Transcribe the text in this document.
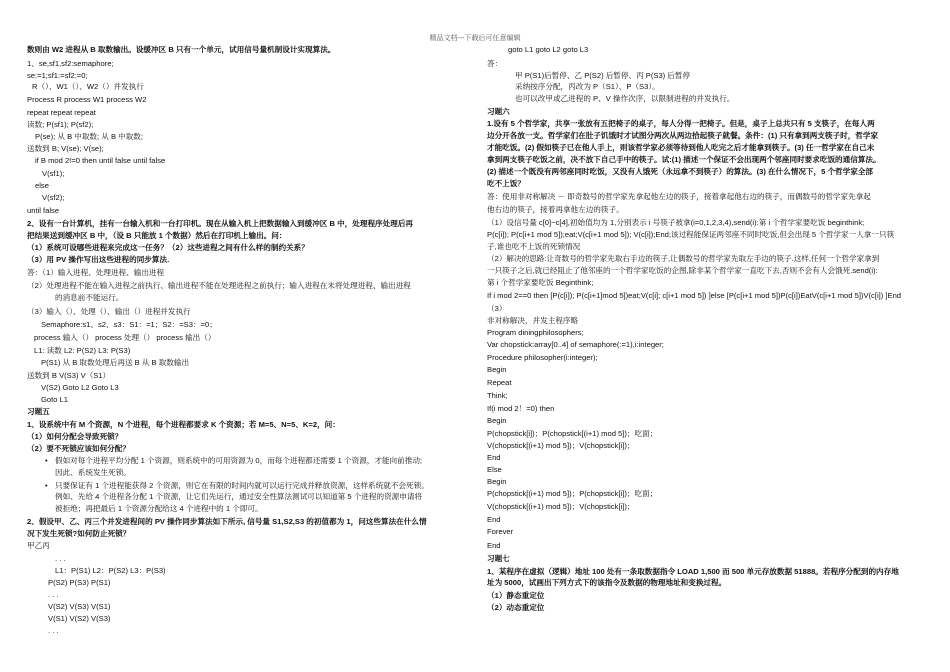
精品文档---下载后可任意编辑
数则由 W2 进程从 B 取数输出。设缓冲区 B 只有一个单元，试用信号量机制设计实现算法。
1、se,sf1,sf2:semaphore;
se:=1;sf1:=sf2:=0;
R（）、W1（）、W2（）并发执行
Process R process W1 process W2
repeat repeat repeat
读数; P(sf1); P(sf2);
P(se); 从 B 中取数; 从 B 中取数;
送数到 B; V(se); V(se);
if B mod 2!=0 then until false until false
V(sf1);
else
V(sf2);
until false
2、设有一台计算机，挂有一台输入机和一台打印机。现在从输入机上把数据输入到缓冲区 B 中，处理程序处理后再
把结果送到缓冲区 B 中，（设 B 只能放 1 个数据）然后在打印机上输出。问：
（1）系统可设哪些进程来完成这一任务？（2）这些进程之间有什么样的制约关系？
（3）用 PV 操作写出这些进程的同步算法.
答：（1）输入进程、处理进程、输出进程
（2）处理进程不能在输入进程之前执行、输出进程不能在处理进程之前执行；输入进程在未将处理进程、输出进程
的消息前不能运行。
（3）输入（）、处理（）、输出（）进程并发执行
Semaphore:s1、s2、s3：S1：=1；S2：=S3：=0；
process 输入（） process 处理（） process 输出（）
L1: 读数 L2: P(S2) L3: P(S3)
P(S1) 从 B 取数处理后再送 B 从 B 取数输出
送数到 B V(S3) V（S1）
V(S2) Goto L2 Goto L3
Goto L1
习题五
1、设系统中有 M 个资源，N 个进程，每个进程都要求 K 个资源；若 M=5、N=5、K=2，问：
（1）如何分配会导致死锁？
（2）要不死锁应该如何分配？
• 假如对每个进程平均分配 1 个资源，则系统中的可用资源为 0，而每个进程都还需要 1 个资源，才能向前推动;
因此、系统发生死锁。
• 只要保证有 1 个进程能获得 2 个资源，则它在有限的时间内就可以运行完成并释放资源，这样系统就不会死锁。
例如、先给 4 个进程各分配 1 个资源，让它们先运行，通过安全性算法测试可以知道第 5 个进程的资源申请将
被拒绝；再把最后 1 个资源分配给这 4 个进程中的 1 个即可。
2、假设甲、乙、丙三个并发进程间的 PV 操作同步算法如下所示, 信号量 S1,S2,S3 的初值都为 1，问这些算法在什么情
况下发生死锁?如何防止死锁？
甲乙丙
. . .
L1：P(S1) L2：P(S2) L3：P(S3)
P(S2) P(S3) P(S1)
. . .
V(S2) V(S3) V(S1)
V(S1) V(S2) V(S3)
. . .
goto L1 goto L2 goto L3
答：
甲 P(S1)后暂停、乙 P(S2) 后暂停、丙 P(S3) 后暂停
采纳按序分配，丙改为 P（S1）、P（S3）。
也可以改甲或乙进程的 P、V 操作次序，以限制进程的并发执行。
习题六
1.设有 5 个哲学家，共享一张放有五把椅子的桌子，每人分得一把椅子。但是，桌子上总共只有 5 支筷子，在每人两
边分开各放一支。哲学家们在肚子饥饿时才试图分两次从两边拾起筷子就餐。条件：(1) 只有拿到两支筷子时，哲学家
才能吃饭。(2) 假如筷子已在他人手上，则该哲学家必须等待到他人吃完之后才能拿到筷子。(3) 任一哲学家在自己未
拿到两支筷子吃饭之前，决不放下自己手中的筷子。试:(1) 描述一个保证不会出现两个邻座同时要求吃饭的通信算法。
(2) 描述一个既没有两邻座同时吃饭，又没有人饿死（永远拿不到筷子）的算法。(3) 在什么情况下，5 个哲学家全部
吃不上饭？
答：使用非对称解决 － 即奇数号的哲学家先拿起他左边的筷子，接着拿起他右边的筷子，而偶数号的哲学家先拿起
他右边的筷子，接着再拿他左边的筷子。
（1）设信号量 c[0]~c[4],初始值均为 1,分别表示 i 号筷子被拿(i=0,1,2,3,4),send(i):第 i 个哲学家要吃饭 beginthink;
P(c[i]); P(c[i+1 mod 5]);eat;V(c[i+1 mod 5]); V(c[i]);End;该过程能保证两邻座不同时吃饭,但会出现 5 个哲学家一人拿一只筷
子,谁也吃不上饭的死锁情况
（2）解决的思路:让奇数号的哲学家先取右手边的筷子,让偶数号的哲学家先取左手边的筷子.这样,任何一个哲学家拿到
一只筷子之后,就已经阻止了他邻座的一个哲学家吃饭的企图,除非某个哲学家一直吃下去,否则不会有人会饿死.send(i):
第 i 个哲学家要吃饭 Beginthink;
If i mod 2==0 then [P(c[i]); P(c[i+1]mod 5])eat;V(c[i]; c[i+1 mod 5]) ]else [P(c[i+1 mod 5])P(c[i])EatV(c[i+1 mod 5])V(c[i]) ]End
（3）
非对称解决，并发主程序略
Program diningphilosophers;
Var chopstick:array[0..4] of semaphore(:=1),i:integer;
Procedure philosopher(i:integer);
Begin
Repeat
Think;
If(i mod 2！=0) then
Begin
P(chopstick[i])；P(chopstick[(i+1) mod 5])；吃面；
V(chopstick[(i+1) mod 5])；V(chopstick[i])；
End
Else
Begin
P(chopstick[(i+1) mod 5])；P(chopstick[i])；吃面；
V(chopstick[(i+1) mod 5])；V(chopstick[i])；
End
Forever
End
习题七
1、某程序在虚拟（逻辑）地址 100 处有一条取数据指令 LOAD 1,500 而 500 单元存放数据 51888。若程序分配到的内存地
址为 5000，试画出下列方式下的该指令及数据的物理地址和变换过程。
（1）静态重定位
（2）动态重定位
